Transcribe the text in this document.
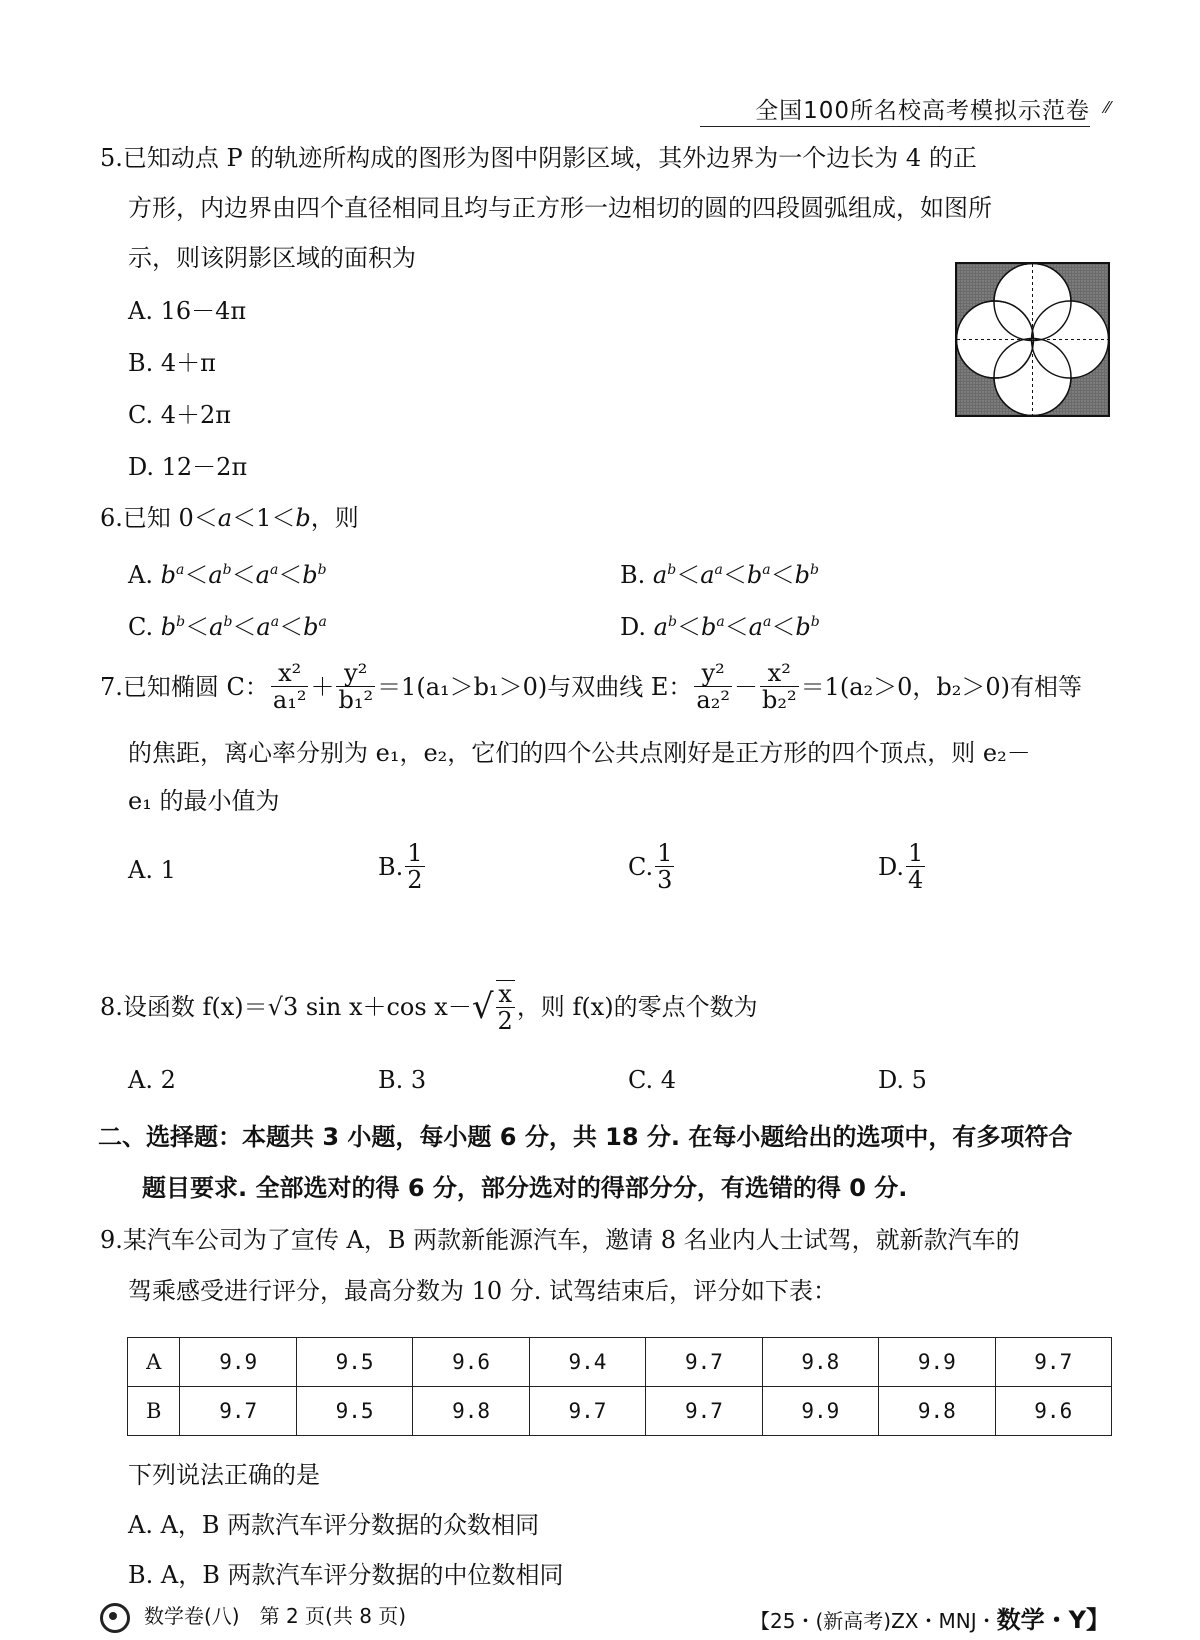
全国100所名校高考模拟示范卷 ⁄⁄
5.已知动点 P 的轨迹所构成的图形为图中阴影区域，其外边界为一个边长为 4 的正
方形，内边界由四个直径相同且均与正方形一边相切的圆的四段圆弧组成，如图所
示，则该阴影区域的面积为
A. 16－4π
B. 4＋π
C. 4＋2π
D. 12－2π
6.已知 0＜a＜1＜b，则
A. $b^a<a^b<a^a<b^b$	B. $a^b<a^a<b^a<b^b$
C. $b^b<a^b<a^a<b^a$	D. $a^b<b^a<a^a<b^b$
7.已知椭圆 C： $\frac{\text{x²}}{\text{a₁²}} + \frac{\text{y²}}{\text{b₁²}} =1(a_1>b_1>0)$与双曲线 E： $\frac{\text{y²}}{\text{a₂²}} - \frac{\text{x²}}{\text{b₂²}} =1(a_2>0$，b₂＞0)有相等
的焦距，离心率分别为 e₁，e₂，它们的四个公共点刚好是正方形的四个顶点，则 e₂－
e₁ 的最小值为
A. 1	B. $\frac{1}{2}$	C. $\frac{1}{3}$	D. $\frac{1}{4}$
8.设函数 f(x)＝√3 sin x＋cos x－ √ $\frac{x}{2}$ ，则 f(x)的零点个数为
A. 2	B. 3	C. 4	D. 5
二、选择题：本题共 3 小题，每小题 6 分，共 18 分. 在每小题给出的选项中，有多项符合
题目要求. 全部选对的得 6 分，部分选对的得部分分，有选错的得 0 分.
9.某汽车公司为了宣传 A，B 两款新能源汽车，邀请 8 名业内人士试驾，就新款汽车的
驾乘感受进行评分，最高分数为 10 分. 试驾结束后，评分如下表：
A	9.9	9.5	9.6	9.4	9.7	9.8	9.9	9.7
B	9.7	9.5	9.8	9.7	9.7	9.9	9.8	9.6
下列说法正确的是
A. A，B 两款汽车评分数据的众数相同
B. A，B 两款汽车评分数据的中位数相同
数学卷(八)　第 2 页(共 8 页)	【25・(新高考)ZX・MNJ・数学・Y】
